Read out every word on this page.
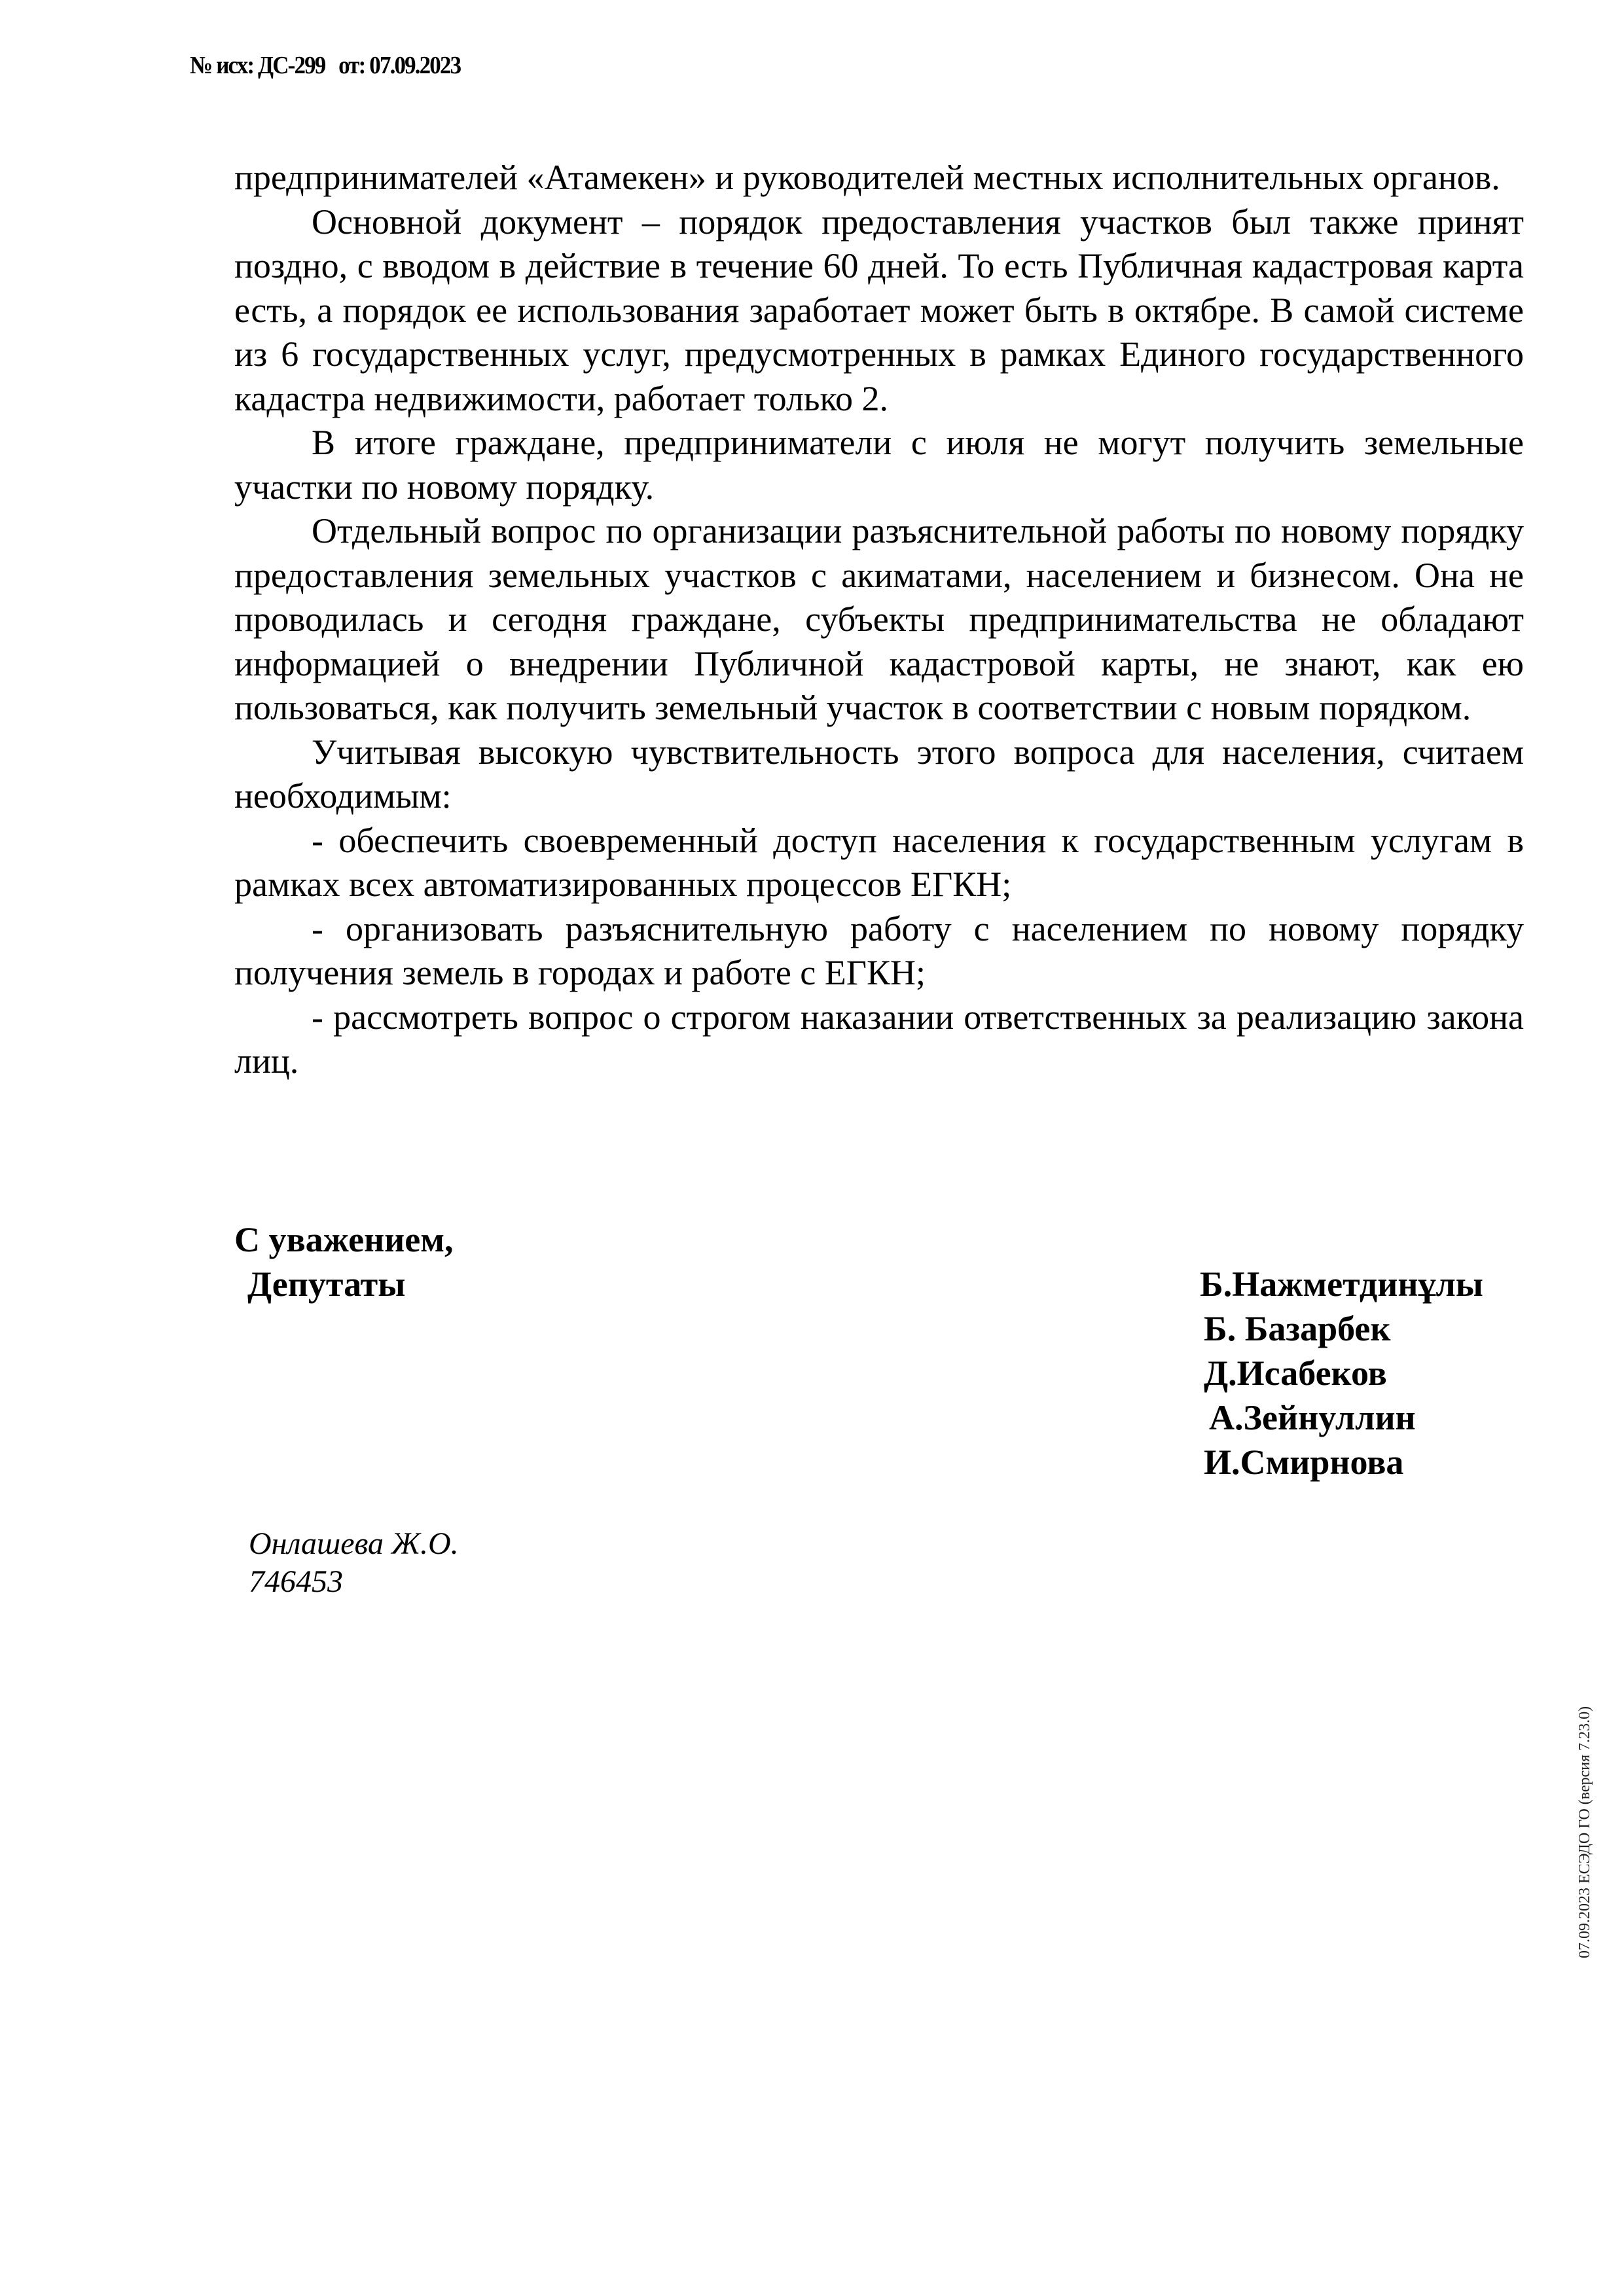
№ исх: ДС-299   от: 07.09.2023

предпринимателей «Атамекен» и руководителей местных исполнительных органов.

Основной документ – порядок предоставления участков был также принят поздно, с вводом в действие в течение 60 дней. То есть Публичная кадастровая карта есть, а порядок ее использования заработает может быть в октябре. В самой системе из 6 государственных услуг, предусмотренных в рамках Единого государственного кадастра недвижимости, работает только 2.

В итоге граждане, предприниматели с июля не могут получить земельные участки по новому порядку.

Отдельный вопрос по организации разъяснительной работы по новому порядку предоставления земельных участков с акиматами, населением и бизнесом. Она не проводилась и сегодня граждане, субъекты предпринимательства не обладают информацией о внедрении Публичной кадастровой карты, не знают, как ею пользоваться, как получить земельный участок в соответствии с новым порядком.

Учитывая высокую чувствительность этого вопроса для населения, считаем необходимым:

- обеспечить своевременный доступ населения к государственным услугам в рамках всех автоматизированных процессов ЕГКН;

- организовать разъяснительную работу с населением по новому порядку получения земель в городах и работе с ЕГКН;

- рассмотреть вопрос о строгом наказании ответственных за реализацию закона лиц.

С уважением,
Депутаты	Б.Нажметдинұлы
Б. Базарбек
Д.Исабеков
А.Зейнуллин
И.Смирнова
Онлашева Ж.О.
746453
07.09.2023 ЕСЭДО ГО (версия 7.23.0)
